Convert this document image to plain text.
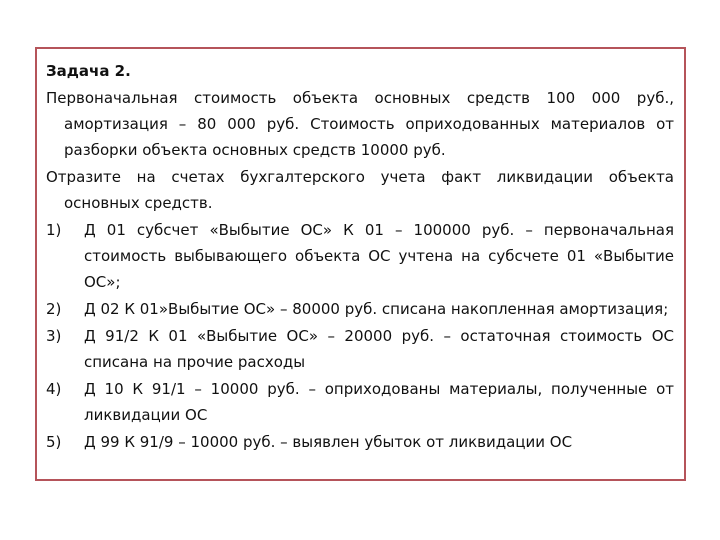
Задача 2.
Первоначальная стоимость объекта основных средств 100 000 руб., амортизация – 80 000 руб. Стоимость оприходованных материалов от разборки объекта основных средств 10000 руб.
Отразите на счетах бухгалтерского учета факт ликвидации объекта основных средств.
1)	Д 01 субсчет «Выбытие ОС» К 01 – 100000 руб. – первоначальная стоимость выбывающего объекта ОС учтена на субсчете 01 «Выбытие ОС»;
2)	Д 02 К 01»Выбытие ОС» – 80000 руб. списана накопленная амортизация;
3)	Д 91/2 К 01 «Выбытие ОС» – 20000 руб. – остаточная стоимость ОС списана на прочие расходы
4)	Д 10 К 91/1 – 10000 руб. – оприходованы материалы, полученные от ликвидации ОС
5)	Д 99 К 91/9 – 10000 руб. – выявлен убыток от ликвидации ОС
